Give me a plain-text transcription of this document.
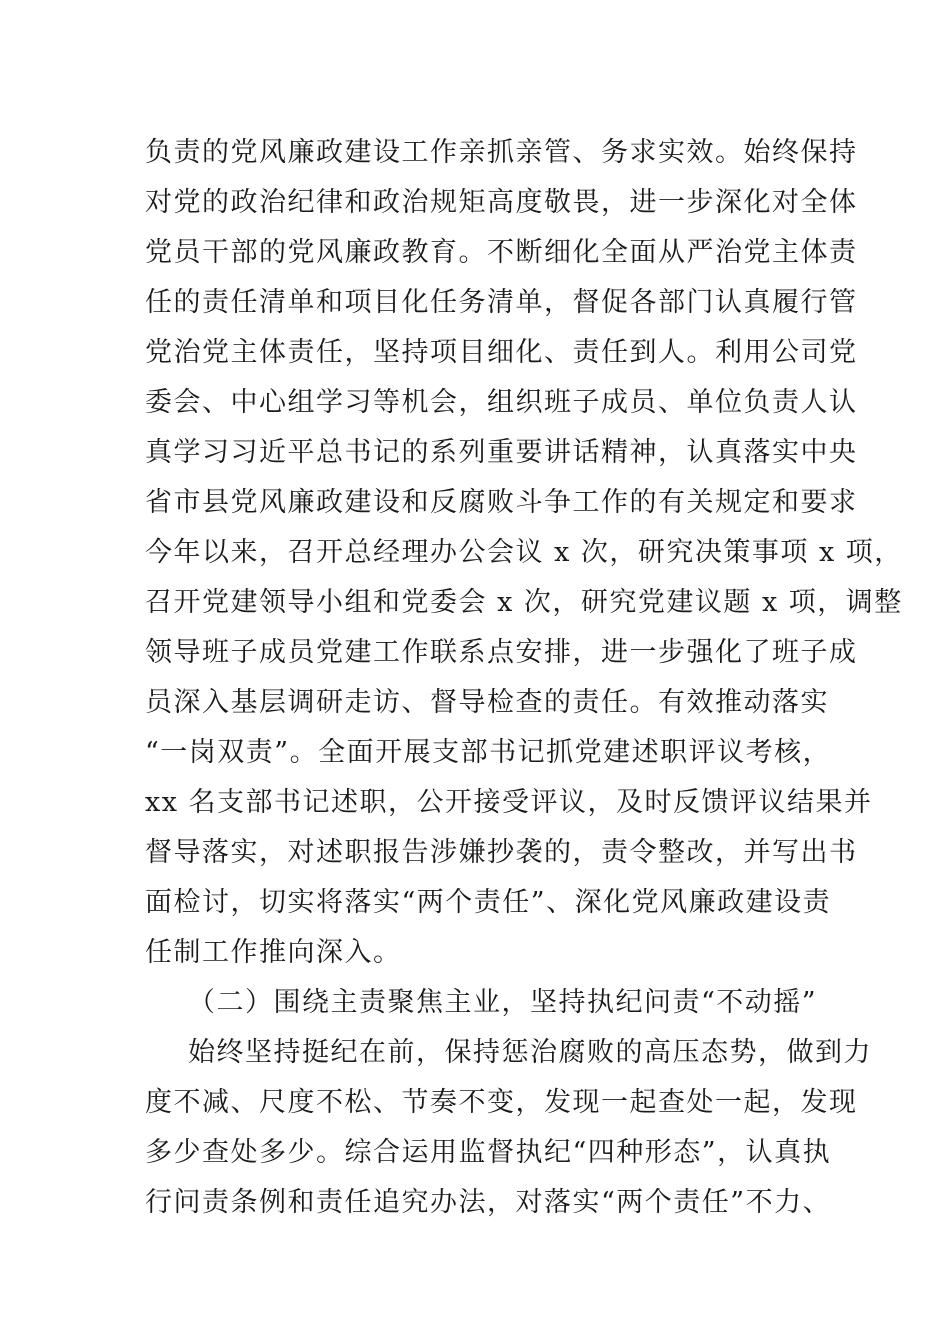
负责的党风廉政建设工作亲抓亲管、务求实效。始终保持
对党的政治纪律和政治规矩高度敬畏，进一步深化对全体
党员干部的党风廉政教育。不断细化全面从严治党主体责
任的责任清单和项目化任务清单，督促各部门认真履行管
党治党主体责任，坚持项目细化、责任到人。利用公司党
委会、中心组学习等机会，组织班子成员、单位负责人认
真学习习近平总书记的系列重要讲话精神，认真落实中央
省市县党风廉政建设和反腐败斗争工作的有关规定和要求
今年以来，召开总经理办公会议 x 次，研究决策事项 x 项，
召开党建领导小组和党委会 x 次，研究党建议题 x 项，调整
领导班子成员党建工作联系点安排，进一步强化了班子成
员深入基层调研走访、督导检查的责任。有效推动落实
“一岗双责”。全面开展支部书记抓党建述职评议考核，
xx 名支部书记述职，公开接受评议，及时反馈评议结果并
督导落实，对述职报告涉嫌抄袭的，责令整改，并写出书
面检讨，切实将落实“两个责任”、深化党风廉政建设责
任制工作推向深入。
（二）围绕主责聚焦主业，坚持执纪问责“不动摇”
始终坚持挺纪在前，保持惩治腐败的高压态势，做到力
度不减、尺度不松、节奏不变，发现一起查处一起，发现
多少查处多少。综合运用监督执纪“四种形态”，认真执
行问责条例和责任追究办法，对落实“两个责任”不力、
